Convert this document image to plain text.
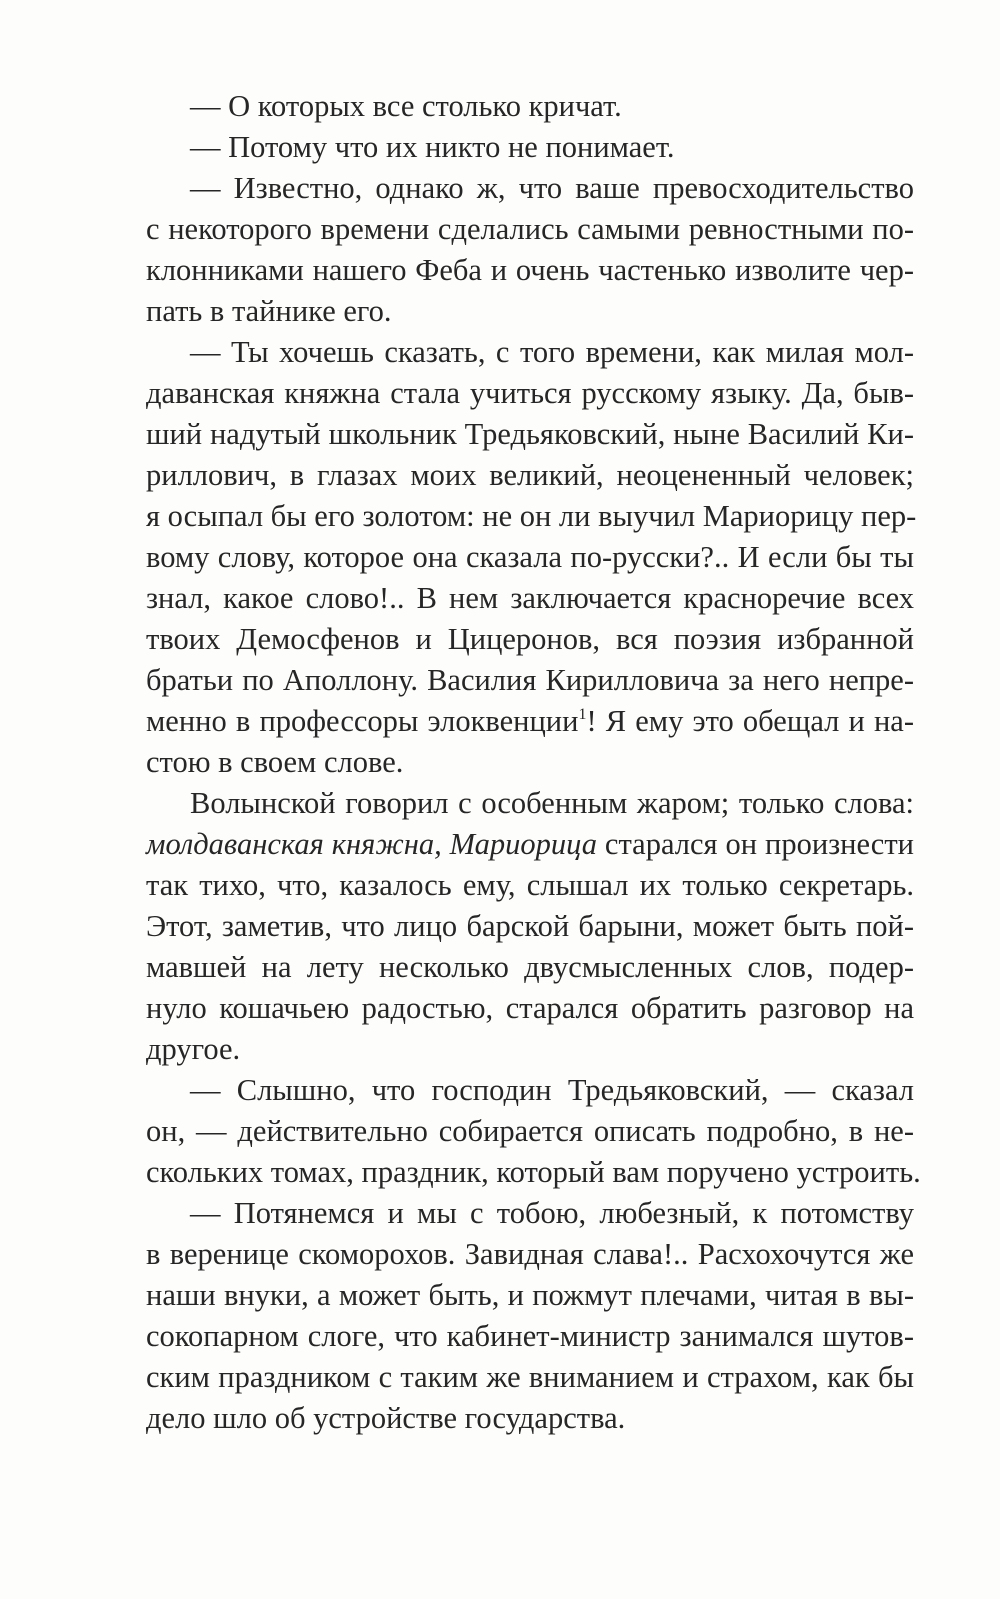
— О которых все столько кричат.
— Потому что их никто не понимает.
— Известно, однако ж, что ваше превосходительство
с некоторого времени сделались самыми ревностными по-
клонниками нашего Феба и очень частенько изволите чер-
пать в тайнике его.
— Ты хочешь сказать, с того времени, как милая мол-
даванская княжна стала учиться русскому языку. Да, быв-
ший надутый школьник Тредьяковский, ныне Василий Ки-
риллович, в глазах моих великий, неоцененный человек;
я осыпал бы его золотом: не он ли выучил Мариорицу пер-
вому слову, которое она сказала по-русски?.. И если бы ты
знал, какое слово!.. В нем заключается красноречие всех
твоих Демосфенов и Цицеронов, вся поэзия избранной
братьи по Аполлону. Василия Кирилловича за него непре-
менно в профессоры элоквенции$^1$! Я ему это обещал и на-
стою в своем слове.
Волынской говорил с особенным жаром; только слова:
молдаванская княжна, Мариорица старался он произнести
так тихо, что, казалось ему, слышал их только секретарь.
Этот, заметив, что лицо барской барыни, может быть пой-
мавшей на лету несколько двусмысленных слов, подер-
нуло кошачьею радостью, старался обратить разговор на
другое.
— Слышно, что господин Тредьяковский, — сказал
он, — действительно собирается описать подробно, в не-
скольких томах, праздник, который вам поручено устроить.
— Потянемся и мы с тобою, любезный, к потомству
в веренице скоморохов. Завидная слава!.. Расхохочутся же
наши внуки, а может быть, и пожмут плечами, читая в вы-
сокопарном слоге, что кабинет-министр занимался шутов-
ским праздником с таким же вниманием и страхом, как бы
дело шло об устройстве государства.
